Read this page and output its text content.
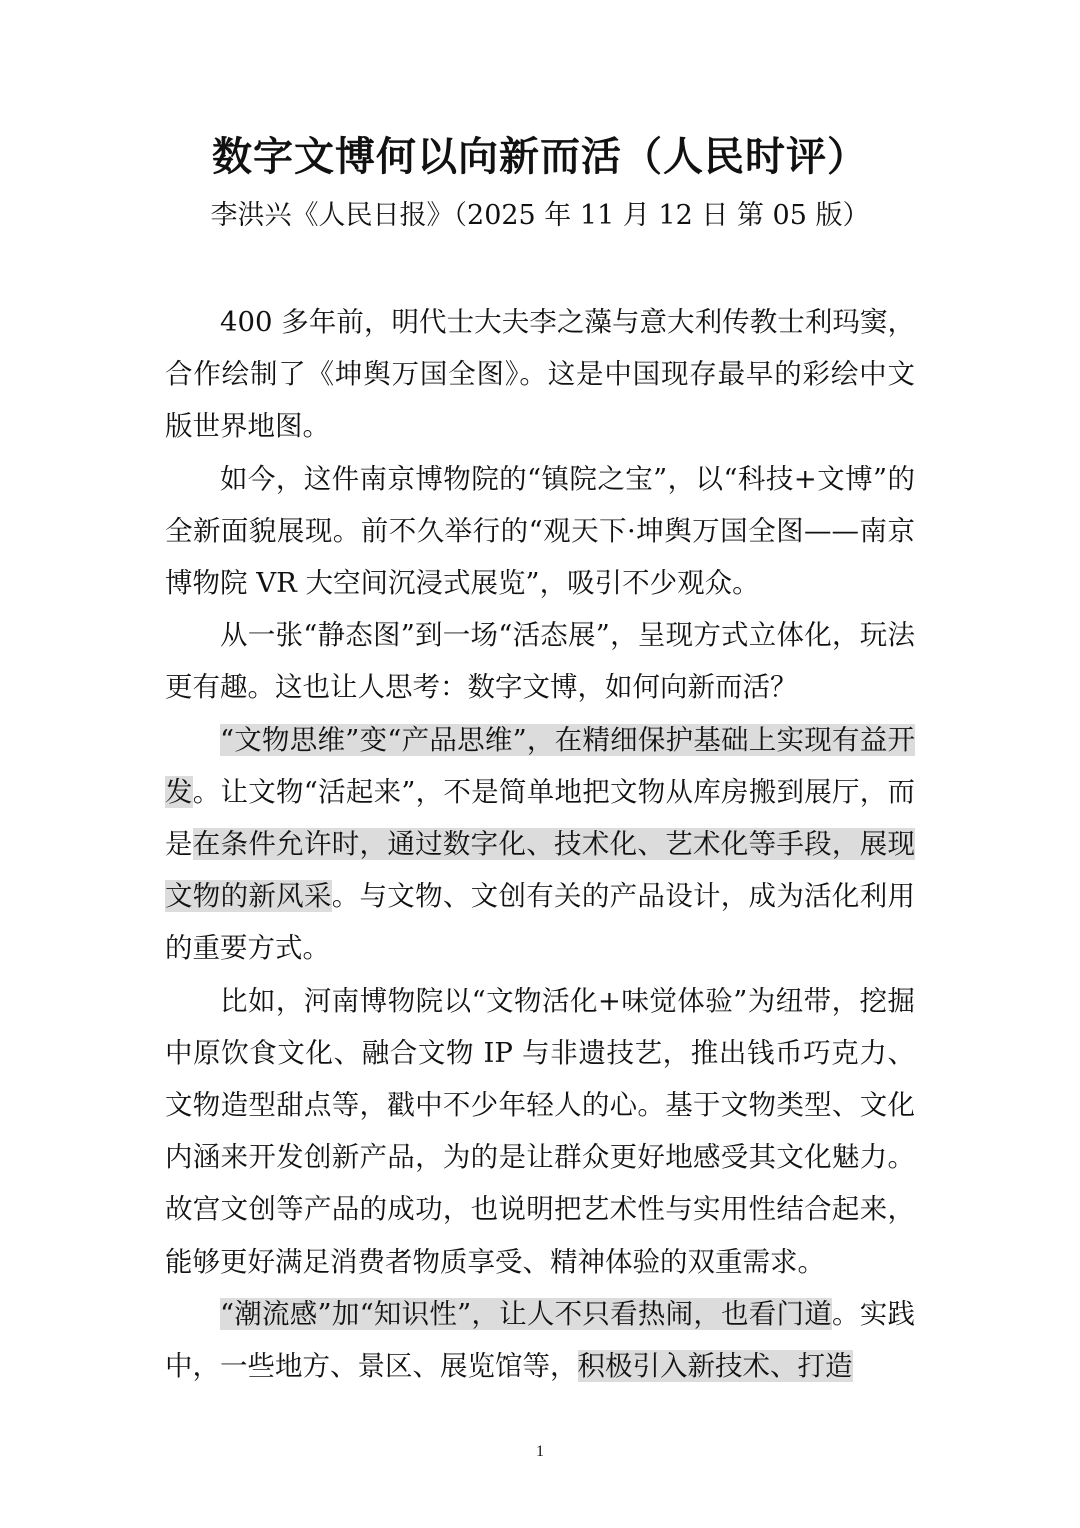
数字文博何以向新而活（人民时评）
李洪兴《人民日报》（2025 年 11 月 12 日 第 05 版）

400 多年前，明代士大夫李之藻与意大利传教士利玛窦，合作绘制了《坤舆万国全图》。这是中国现存最早的彩绘中文版世界地图。

如今，这件南京博物院的“镇院之宝”，以“科技+文博”的全新面貌展现。前不久举行的“观天下·坤舆万国全图——南京博物院 VR 大空间沉浸式展览”，吸引不少观众。

从一张“静态图”到一场“活态展”，呈现方式立体化，玩法更有趣。这也让人思考：数字文博，如何向新而活？

“文物思维”变“产品思维”，在精细保护基础上实现有益开发。让文物“活起来”，不是简单地把文物从库房搬到展厅，而是在条件允许时，通过数字化、技术化、艺术化等手段，展现文物的新风采。与文物、文创有关的产品设计，成为活化利用的重要方式。

比如，河南博物院以“文物活化+味觉体验”为纽带，挖掘中原饮食文化、融合文物 IP 与非遗技艺，推出钱币巧克力、文物造型甜点等，戳中不少年轻人的心。基于文物类型、文化内涵来开发创新产品，为的是让群众更好地感受其文化魅力。故宫文创等产品的成功，也说明把艺术性与实用性结合起来，能够更好满足消费者物质享受、精神体验的双重需求。

“潮流感”加“知识性”，让人不只看热闹，也看门道。实践中，一些地方、景区、展览馆等，积极引入新技术、打造

1
